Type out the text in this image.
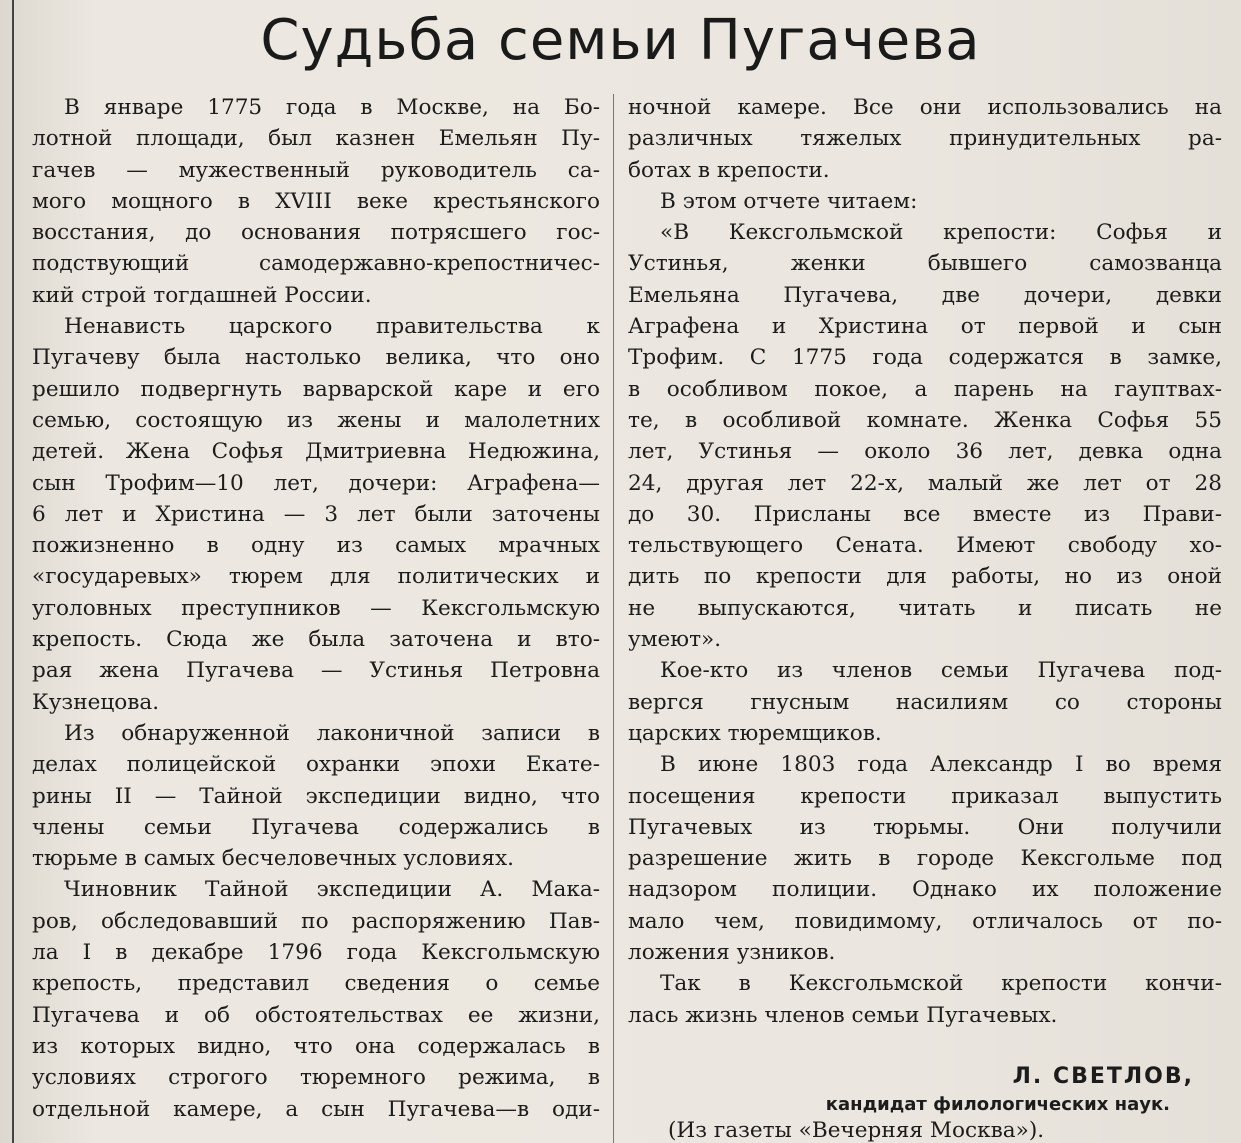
Судьба семьи Пугачева

В январе 1775 года в Москве, на Бо-

лотной площади, был казнен Емельян Пу-

гачев — мужественный руководитель са-

мого мощного в XVIII веке крестьянского

восстания, до основания потрясшего гос-

подствующий самодержавно-крепостничес-

кий строй тогдашней России.

Ненависть царского правительства к

Пугачеву была настолько велика, что оно

решило подвергнуть варварской каре и его

семью, состоящую из жены и малолетних

детей. Жена Софья Дмитриевна Недюжина,

сын Трофим—10 лет, дочери: Аграфена—

6 лет и Христина — 3 лет были заточены

пожизненно в одну из самых мрачных

«государевых» тюрем для политических и

уголовных преступников — Кексгольмскую

крепость. Сюда же была заточена и вто-

рая жена Пугачева — Устинья Петровна

Кузнецова.

Из обнаруженной лаконичной записи в

делах полицейской охранки эпохи Екате-

рины II — Тайной экспедиции видно, что

члены семьи Пугачева содержались в

тюрьме в самых бесчеловечных условиях.

Чиновник Тайной экспедиции А. Мака-

ров, обследовавший по распоряжению Пав-

ла I в декабре 1796 года Кексгольмскую

крепость, представил сведения о семье

Пугачева и об обстоятельствах ее жизни,

из которых видно, что она содержалась в

условиях строгого тюремного режима, в

отдельной камере, а сын Пугачева—в оди-

ночной камере. Все они использовались на

различных тяжелых принудительных ра-

ботах в крепости.

В этом отчете читаем:

«В Кексгольмской крепости: Софья и

Устинья, женки бывшего самозванца

Емельяна Пугачева, две дочери, девки

Аграфена и Христина от первой и сын

Трофим. С 1775 года содержатся в замке,

в особливом покое, а парень на гауптвах-

те, в особливой комнате. Женка Софья 55

лет, Устинья — около 36 лет, девка одна

24, другая лет 22-х, малый же лет от 28

до 30. Присланы все вместе из Прави-

тельствующего Сената. Имеют свободу хо-

дить по крепости для работы, но из оной

не выпускаются, читать и писать не

умеют».

Кое-кто из членов семьи Пугачева под-

вергся гнусным насилиям со стороны

царских тюремщиков.

В июне 1803 года Александр I во время

посещения крепости приказал выпустить

Пугачевых из тюрьмы. Они получили

разрешение жить в городе Кексгольме под

надзором полиции. Однако их положение

мало чем, повидимому, отличалось от по-

ложения узников.

Так в Кексгольмской крепости кончи-

лась жизнь членов семьи Пугачевых.

Л. СВЕТЛОВ,

кандидат филологических наук.

(Из газеты «Вечерняя Москва»).
